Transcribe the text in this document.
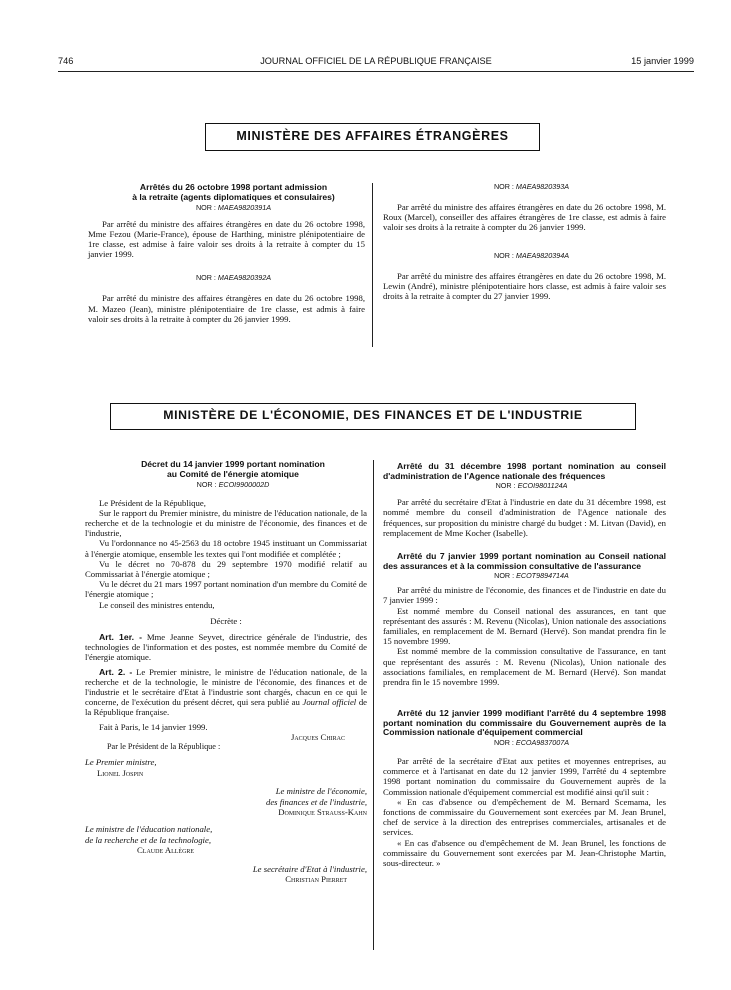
746	JOURNAL OFFICIEL DE LA RÉPUBLIQUE FRANÇAISE	15 janvier 1999
MINISTÈRE DES AFFAIRES ÉTRANGÈRES

Arrêtés du 26 octobre 1998 portant admission

à la retraite (agents diplomatiques et consulaires)

NOR : MAEA9820391A

Par arrêté du ministre des affaires étrangères en date du 26 octobre 1998, Mme Fezou (Marie-France), épouse de Harthing, ministre plénipotentiaire de 1re classe, est admise à faire valoir ses droits à la retraite à compter du 15 janvier 1999.

NOR : MAEA9820392A

Par arrêté du ministre des affaires étrangères en date du 26 octobre 1998, M. Mazeo (Jean), ministre plénipotentiaire de 1re classe, est admis à faire valoir ses droits à la retraite à compter du 26 janvier 1999.

NOR : MAEA9820393A

Par arrêté du ministre des affaires étrangères en date du 26 octobre 1998, M. Roux (Marcel), conseiller des affaires étrangères de 1re classe, est admis à faire valoir ses droits à la retraite à compter du 26 janvier 1999.

NOR : MAEA9820394A

Par arrêté du ministre des affaires étrangères en date du 26 octobre 1998, M. Lewin (André), ministre plénipotentiaire hors classe, est admis à faire valoir ses droits à la retraite à compter du 27 janvier 1999.

MINISTÈRE DE L'ÉCONOMIE, DES FINANCES ET DE L'INDUSTRIE

Décret du 14 janvier 1999 portant nomination

au Comité de l'énergie atomique

NOR : ECOI9900002D

Le Président de la République,

Sur le rapport du Premier ministre, du ministre de l'éducation nationale, de la recherche et de la technologie et du ministre de l'économie, des finances et de l'industrie,

Vu l'ordonnance no 45-2563 du 18 octobre 1945 instituant un Commissariat à l'énergie atomique, ensemble les textes qui l'ont modifiée et complétée ;

Vu le décret no 70-878 du 29 septembre 1970 modifié relatif au Commissariat à l'énergie atomique ;

Vu le décret du 21 mars 1997 portant nomination d'un membre du Comité de l'énergie atomique ;

Le conseil des ministres entendu,

Décrète :

Art. 1er. - Mme Jeanne Seyvet, directrice générale de l'industrie, des technologies de l'information et des postes, est nommée membre du Comité de l'énergie atomique.

Art. 2. - Le Premier ministre, le ministre de l'éducation nationale, de la recherche et de la technologie, le ministre de l'économie, des finances et de l'industrie et le secrétaire d'Etat à l'industrie sont chargés, chacun en ce qui le concerne, de l'exécution du présent décret, qui sera publié au Journal officiel de la République française.

Fait à Paris, le 14 janvier 1999.

Jacques Chirac
Par le Président de la République :
Le Premier ministre,
Lionel Jospin
Le ministre de l'économie,
des finances et de l'industrie,
Dominique Strauss-Kahn
Le ministre de l'éducation nationale,
de la recherche et de la technologie,
Claude Allègre
Le secrétaire d'Etat à l'industrie,
Christian Pierret

Arrêté du 31 décembre 1998 portant nomination au conseil d'administration de l'Agence nationale des fréquences

NOR : ECOI9801124A

Par arrêté du secrétaire d'Etat à l'industrie en date du 31 décembre 1998, est nommé membre du conseil d'administration de l'Agence nationale des fréquences, sur proposition du ministre chargé du budget : M. Litvan (David), en remplacement de Mme Kocher (Isabelle).

Arrêté du 7 janvier 1999 portant nomination au Conseil national des assurances et à la commission consultative de l'assurance

NOR : ECOT9894714A

Par arrêté du ministre de l'économie, des finances et de l'industrie en date du 7 janvier 1999 :

Est nommé membre du Conseil national des assurances, en tant que représentant des assurés : M. Revenu (Nicolas), Union nationale des associations familiales, en remplacement de M. Bernard (Hervé). Son mandat prendra fin le 15 novembre 1999.

Est nommé membre de la commission consultative de l'assurance, en tant que représentant des assurés : M. Revenu (Nicolas), Union nationale des associations familiales, en remplacement de M. Bernard (Hervé). Son mandat prendra fin le 15 novembre 1999.

Arrêté du 12 janvier 1999 modifiant l'arrêté du 4 septembre 1998 portant nomination du commissaire du Gouvernement auprès de la Commission nationale d'équipement commercial

NOR : ECOA9837007A

Par arrêté de la secrétaire d'Etat aux petites et moyennes entreprises, au commerce et à l'artisanat en date du 12 janvier 1999, l'arrêté du 4 septembre 1998 portant nomination du commissaire du Gouvernement auprès de la Commission nationale d'équipement commercial est modifié ainsi qu'il suit :

« En cas d'absence ou d'empêchement de M. Bernard Scemama, les fonctions de commissaire du Gouvernement sont exercées par M. Jean Brunel, chef de service à la direction des entreprises commerciales, artisanales et de services.

« En cas d'absence ou d'empêchement de M. Jean Brunel, les fonctions de commissaire du Gouvernement sont exercées par M. Jean-Christophe Martin, sous-directeur. »
